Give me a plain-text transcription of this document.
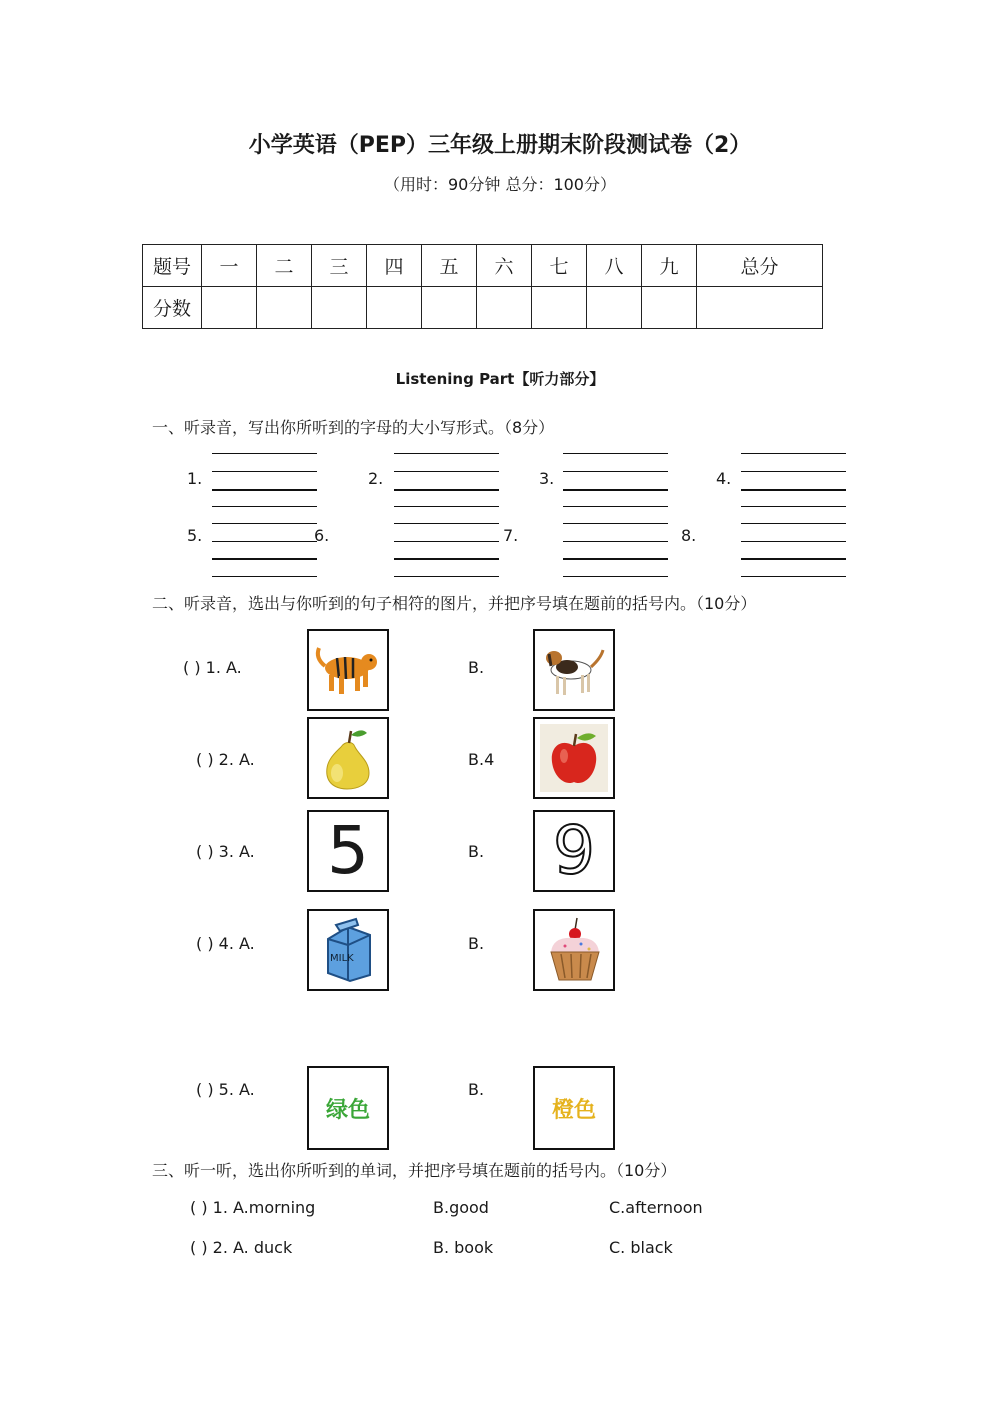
小学英语（PEP）三年级上册期末阶段测试卷（2）
（用时：90分钟 总分：100分）
题号	一	二	三	四	五	六	七	八	九	总分
分数										
Listening Part【听力部分】
一、听录音，写出你所听到的字母的大小写形式。（8分）
1.	2.	3.	4.
5.	6.	7.	8.
二、听录音，选出与你听到的句子相符的图片，并把序号填在题前的括号内。（10分）
( ) 1. A.	B.
( ) 2. A.	B.4
( ) 3. A. 5	B. 9
( ) 4. A.
MILK
B.
( ) 5. A.
绿色
B.
橙色
三、听一听，选出你所听到的单词，并把序号填在题前的括号内。（10分）
( ) 1. A.morning	B.good	C.afternoon
( ) 2. A. duck	B. book	C. black
